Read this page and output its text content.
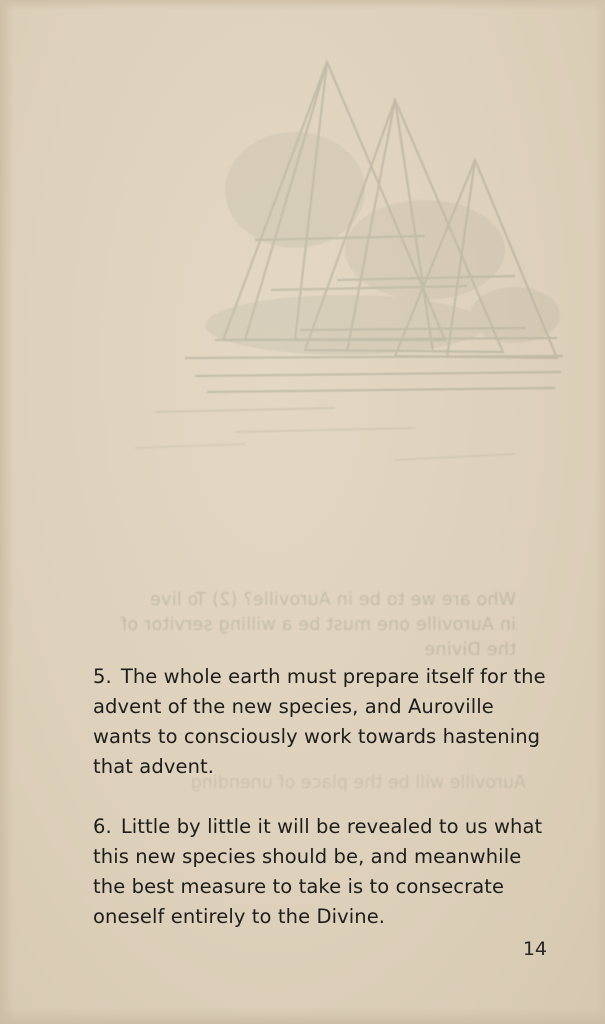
Who are we to be in Auroville? (2) To live
in Auroville one must be a willing servitor of
the Divine

5. The whole earth must prepare itself for the advent of the new species, and Auroville wants to consciously work towards hastening that advent.

6. Little by little it will be revealed to us what this new species should be, and meanwhile the best measure to take is to consecrate oneself entirely to the Divine.

14
